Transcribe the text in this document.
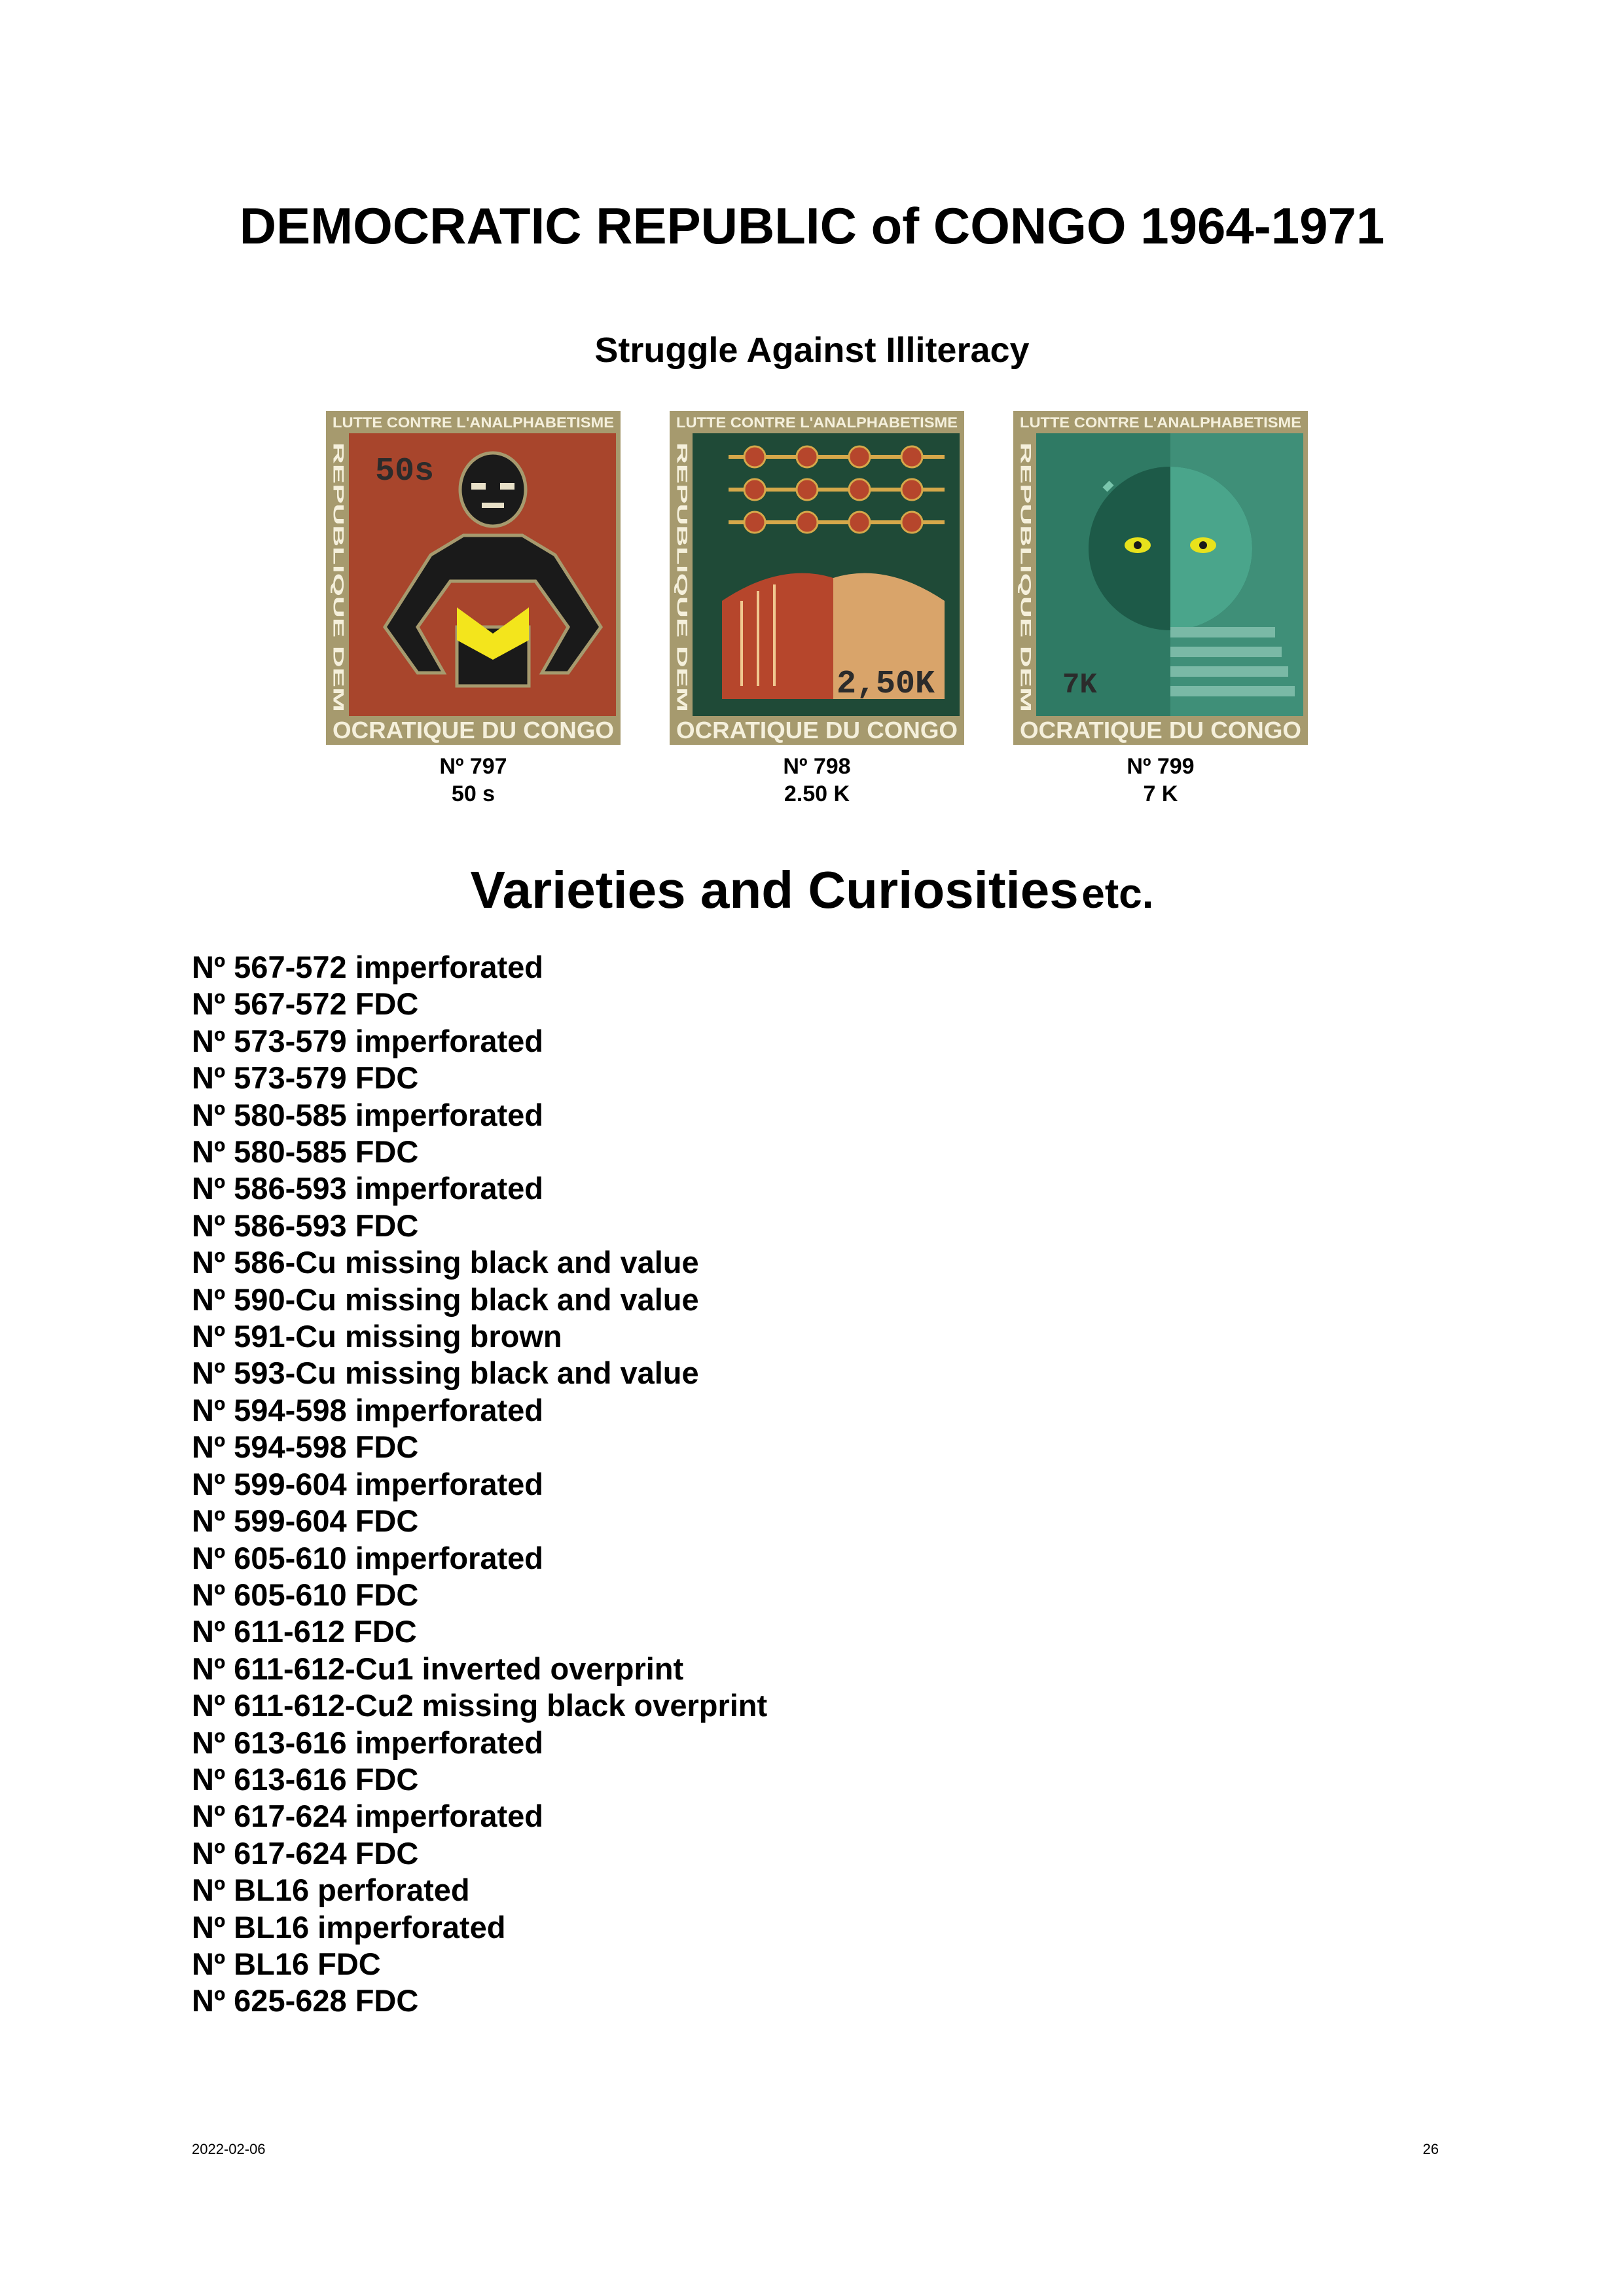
DEMOCRATIC REPUBLIC of CONGO 1964-1971
Struggle Against Illiteracy
LUTTE CONTRE L'ANALPHABETISME
REPUBLIQUE DEM
OCRATIQUE DU CONGO
50s
LUTTE CONTRE L'ANALPHABETISME
REPUBLIQUE DEM
OCRATIQUE DU CONGO
2,50K
LUTTE CONTRE L'ANALPHABETISME
REPUBLIQUE DEM
OCRATIQUE DU CONGO
7K
Nº 797
50 s
Nº 798
2.50 K
Nº 799
7 K
Varieties and Curiosities etc.
Nº 567-572 imperforated
Nº 567-572 FDC
Nº 573-579 imperforated
Nº 573-579 FDC
Nº 580-585 imperforated
Nº 580-585 FDC
Nº 586-593 imperforated
Nº 586-593 FDC
Nº 586-Cu missing black and value
Nº 590-Cu missing black and value
Nº 591-Cu missing brown
Nº 593-Cu missing black and value
Nº 594-598 imperforated
Nº 594-598 FDC
Nº 599-604 imperforated
Nº 599-604 FDC
Nº 605-610 imperforated
Nº 605-610 FDC
Nº 611-612 FDC
Nº 611-612-Cu1 inverted overprint
Nº 611-612-Cu2 missing black overprint
Nº 613-616 imperforated
Nº 613-616 FDC
Nº 617-624 imperforated
Nº 617-624 FDC
Nº BL16 perforated
Nº BL16 imperforated
Nº BL16 FDC
Nº 625-628 FDC
2022-02-06	26
